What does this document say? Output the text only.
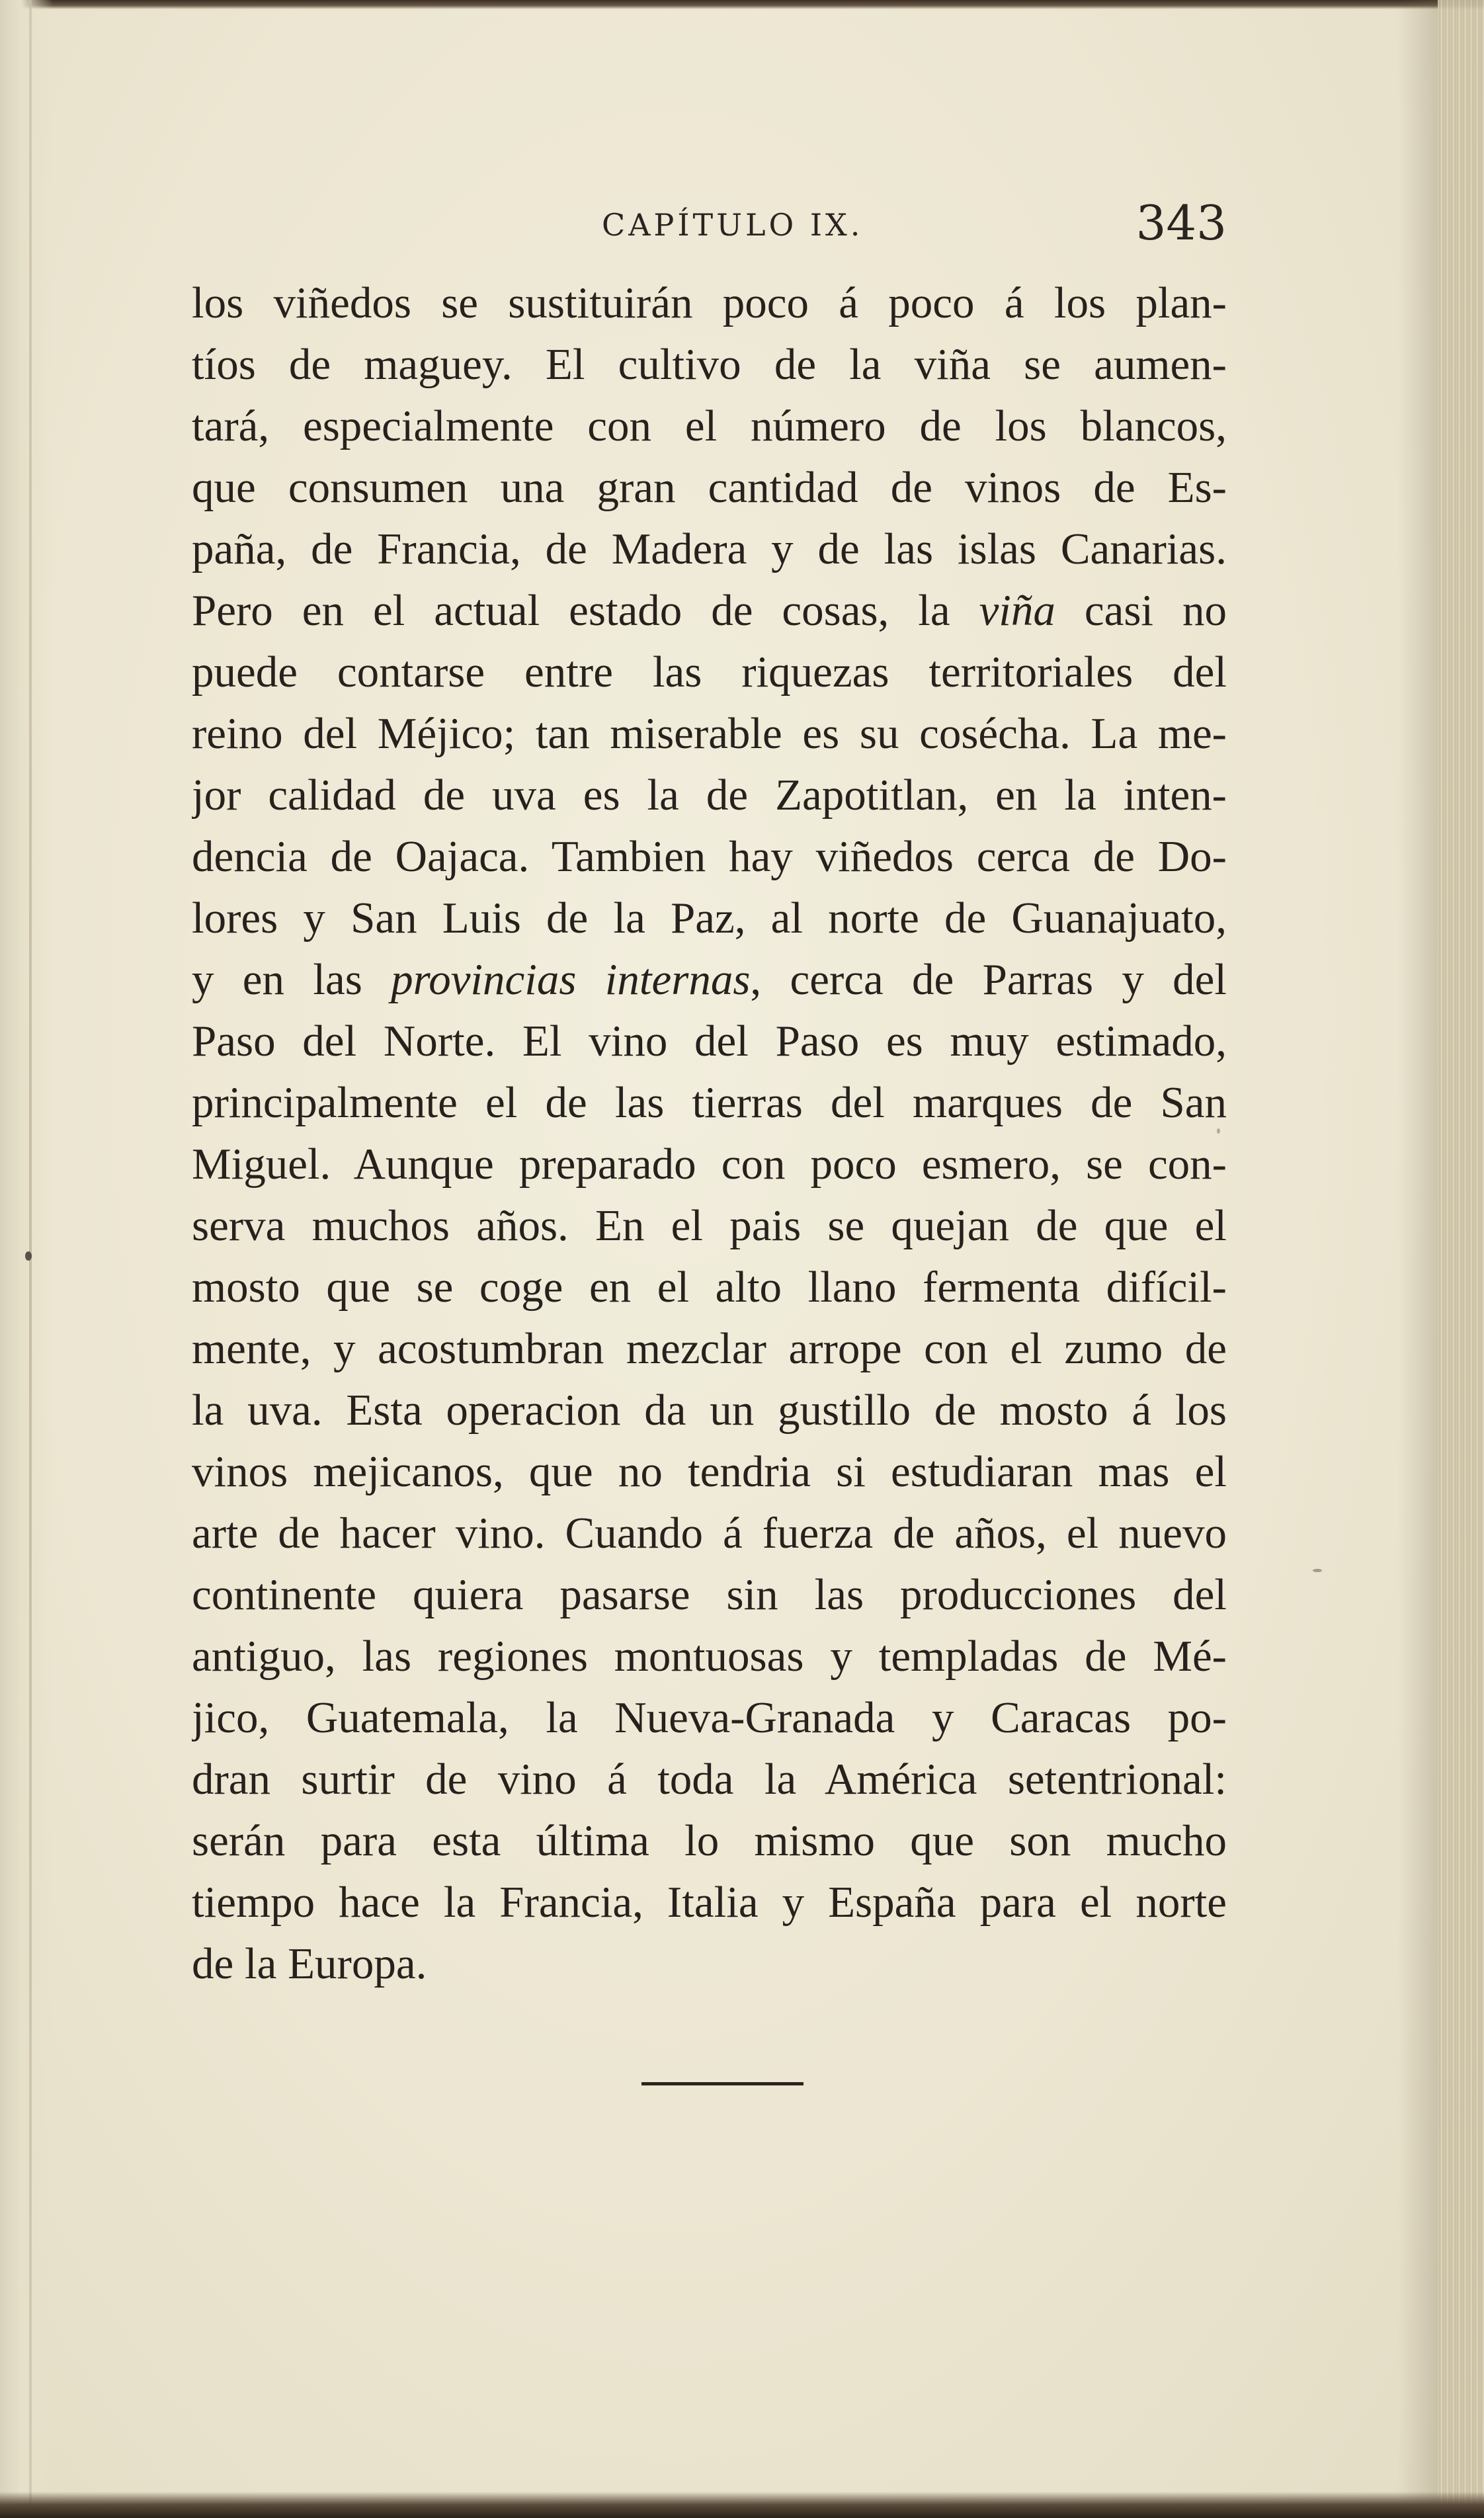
CAPÍTULO IX.	343
los viñedos se sustituirán poco á poco á los plan-
tíos de maguey. El cultivo de la viña se aumen-
tará, especialmente con el número de los blancos,
que consumen una gran cantidad de vinos de Es-
paña, de Francia, de Madera y de las islas Canarias.
Pero en el actual estado de cosas, la viña casi no
puede contarse entre las riquezas territoriales del
reino del Méjico; tan miserable es su cosécha. La me-
jor calidad de uva es la de Zapotitlan, en la inten-
dencia de Oajaca. Tambien hay viñedos cerca de Do-
lores y San Luis de la Paz, al norte de Guanajuato,
y en las provincias internas, cerca de Parras y del
Paso del Norte. El vino del Paso es muy estimado,
principalmente el de las tierras del marques de San
Miguel. Aunque preparado con poco esmero, se con-
serva muchos años. En el pais se quejan de que el
mosto que se coge en el alto llano fermenta difícil-
mente, y acostumbran mezclar arrope con el zumo de
la uva. Esta operacion da un gustillo de mosto á los
vinos mejicanos, que no tendria si estudiaran mas el
arte de hacer vino. Cuando á fuerza de años, el nuevo
continente quiera pasarse sin las producciones del
antiguo, las regiones montuosas y templadas de Mé-
jico, Guatemala, la Nueva-Granada y Caracas po-
dran surtir de vino á toda la América setentrional:
serán para esta última lo mismo que son mucho
tiempo hace la Francia, Italia y España para el norte
de la Europa.
